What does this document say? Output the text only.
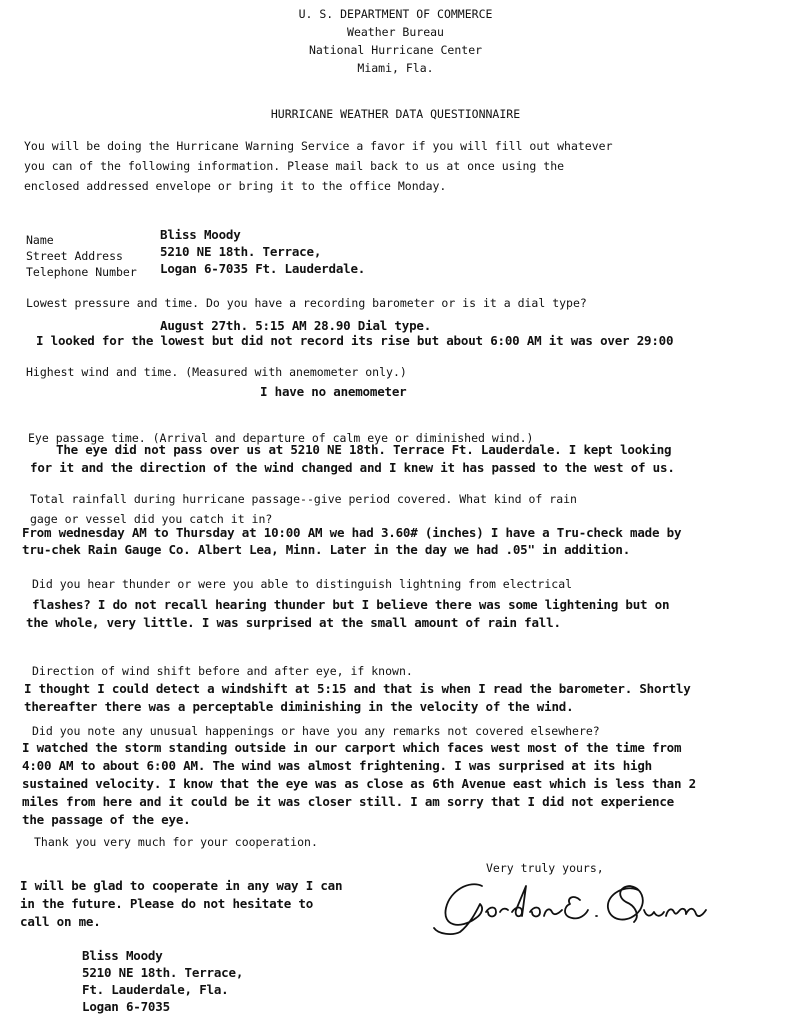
U. S. DEPARTMENT OF COMMERCE
Weather Bureau
National Hurricane Center
Miami, Fla.
HURRICANE WEATHER DATA QUESTIONNAIRE
You will be doing the Hurricane Warning Service a favor if you will fill out whatever
you can of the following information. Please mail back to us at once using the
enclosed addressed envelope or bring it to the office Monday.
Name	Bliss Moody
Street Address	5210 NE 18th. Terrace,
Telephone Number Logan 6-7035 Ft. Lauderdale.
Lowest pressure and time. Do you have a recording barometer or is it a dial type?
August 27th. 5:15 AM 28.90 Dial type.
I looked for the lowest but did not record its rise but about 6:00 AM it was over 29:00
Highest wind and time. (Measured with anemometer only.)
I have no anemometer
Eye passage time. (Arrival and departure of calm eye or diminished wind.)
The eye did not pass over us at 5210 NE 18th. Terrace Ft. Lauderdale. I kept looking
for it and the direction of the wind changed and I knew it has passed to the west of us.
Total rainfall during hurricane passage--give period covered. What kind of rain
gage or vessel did you catch it in?
From wednesday AM to Thursday at 10:00 AM we had 3.60# (inches) I have a Tru-check made by
tru-chek Rain Gauge Co. Albert Lea, Minn. Later in the day we had .05" in addition.
Did you hear thunder or were you able to distinguish lightning from electrical
flashes? I do not recall hearing thunder but I believe there was some lightening but on
the whole, very little. I was surprised at the small amount of rain fall.
Direction of wind shift before and after eye, if known.
I thought I could detect a windshift at 5:15 and that is when I read the barometer. Shortly
thereafter there was a perceptable diminishing in the velocity of the wind.
Did you note any unusual happenings or have you any remarks not covered elsewhere?
I watched the storm standing outside in our carport which faces west most of the time from
4:00 AM to about 6:00 AM. The wind was almost frightening. I was surprised at its high
sustained velocity. I know that the eye was as close as 6th Avenue east which is less than 2
miles from here and it could be it was closer still. I am sorry that I did not experience
the passage of the eye.
Thank you very much for your cooperation.
Very truly yours,
I will be glad to cooperate in any way I can
in the future. Please do not hesitate to
call on me.
Bliss Moody
5210 NE 18th. Terrace,
Ft. Lauderdale, Fla.
Logan 6-7035
